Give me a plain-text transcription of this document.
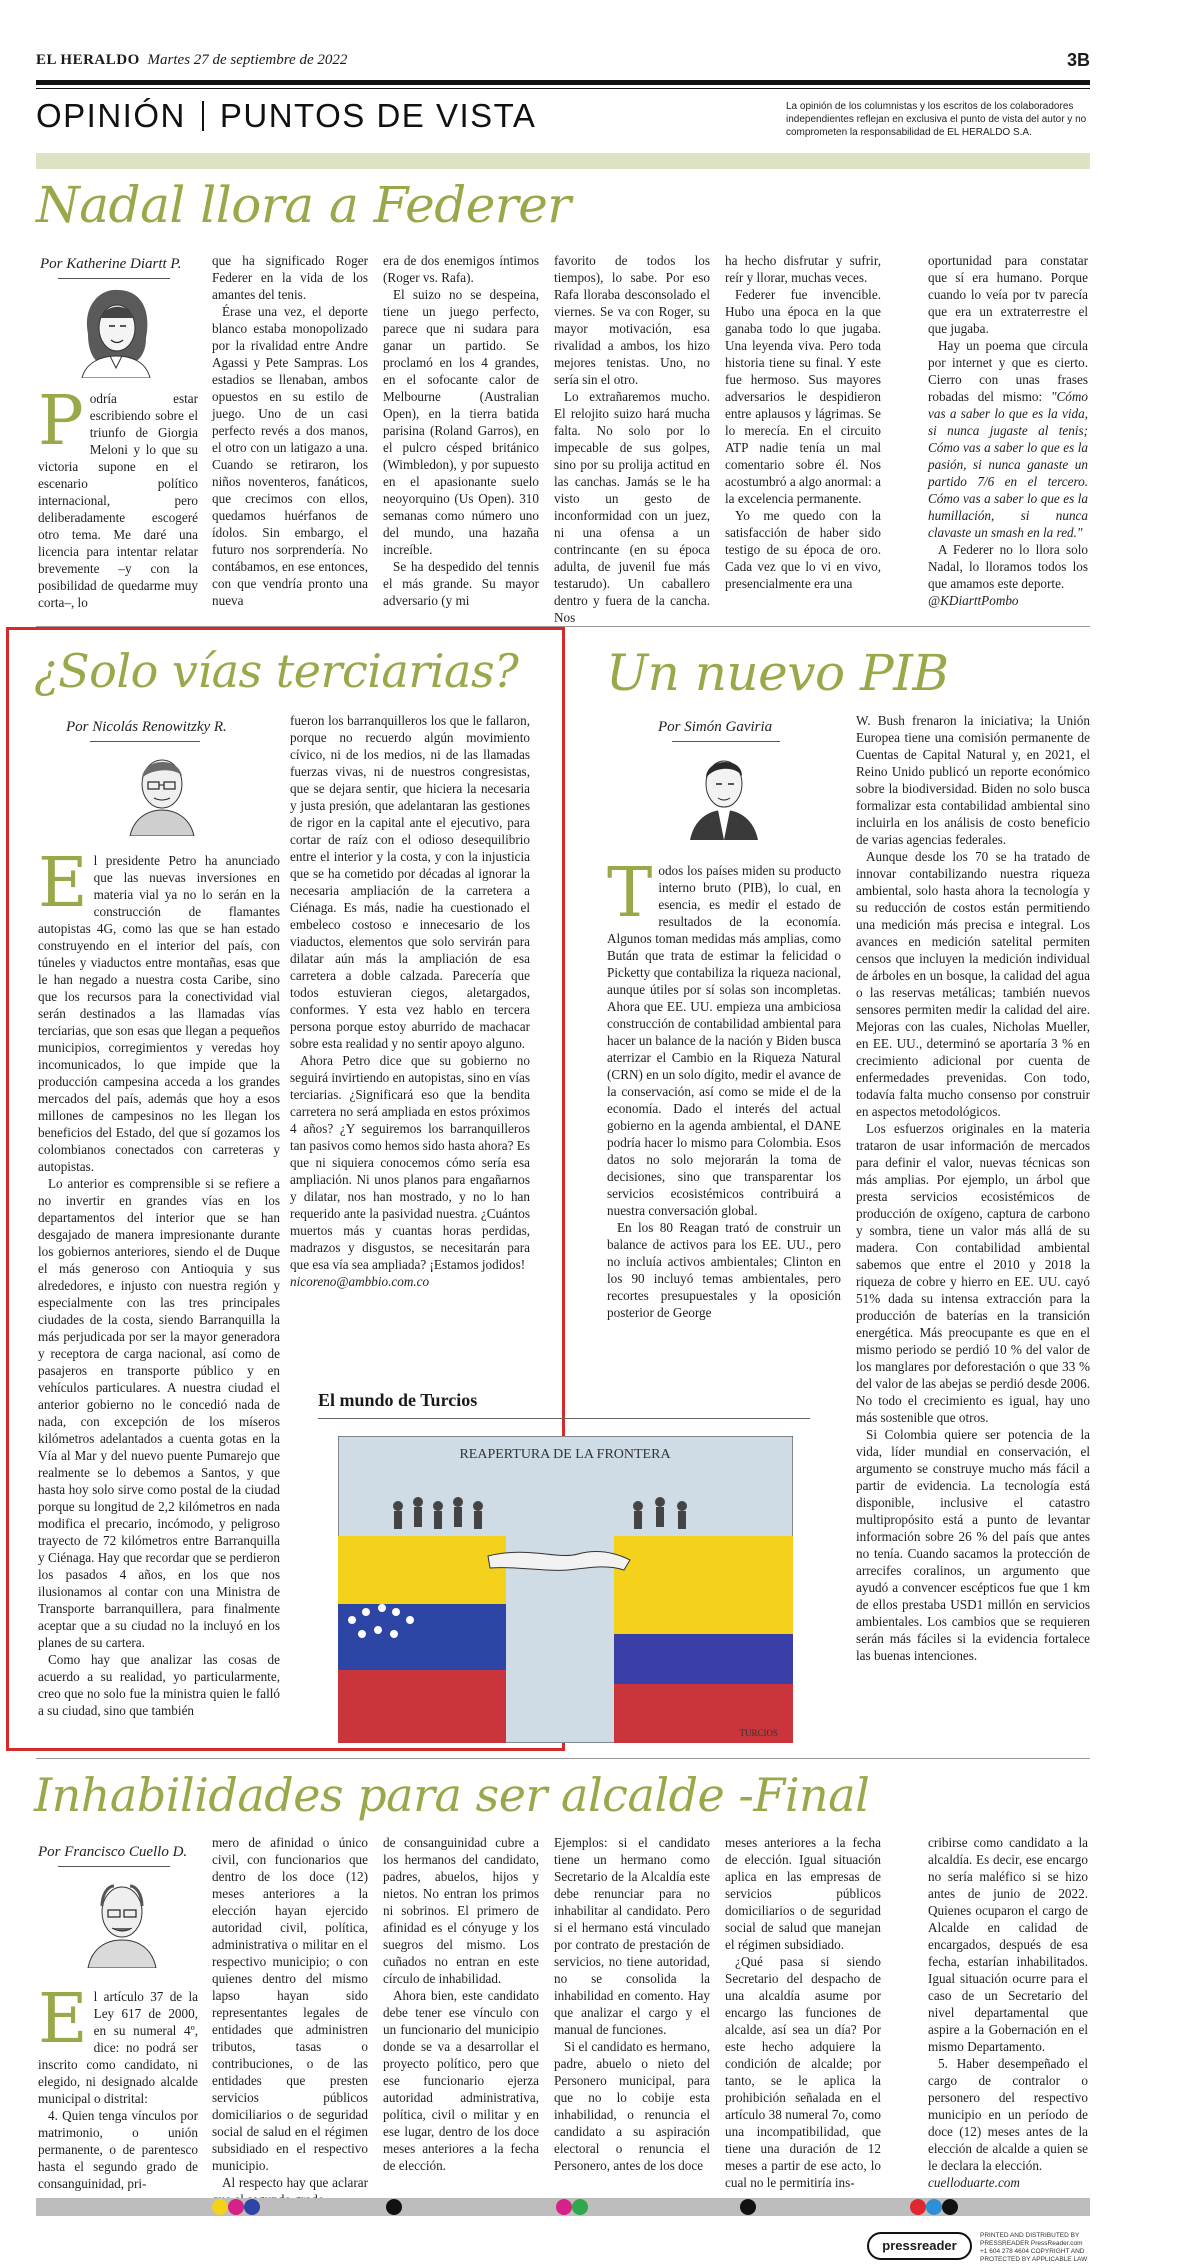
EL HERALDO Martes 27 de septiembre de 2022	3B
OPINIÓN PUNTOS DE VISTA	La opinión de los columnistas y los escritos de los colaboradores independientes reflejan en exclusiva el punto de vista del autor y no comprometen la responsabilidad de EL HERALDO S.A.
Nadal llora a Federer
Por Katherine Diartt P.

Podría estar escribiendo sobre el triunfo de Giorgia Meloni y lo que su victoria supone en el escenario político internacional, pero deliberadamente escogeré otro tema. Me daré una licencia para intentar relatar brevemente –y con la posibilidad de quedarme muy corta–, lo

que ha significado Roger Federer en la vida de los amantes del tenis.

Érase una vez, el deporte blanco estaba monopolizado por la rivalidad entre Andre Agassi y Pete Sampras. Los estadios se llenaban, ambos opuestos en su estilo de juego. Uno de un casi perfecto revés a dos manos, el otro con un latigazo a una. Cuando se retiraron, los niños noventeros, fanáticos, que crecimos con ellos, quedamos huérfanos de ídolos. Sin embargo, el futuro nos sorprendería. No contábamos, en ese entonces, con que vendría pronto una nueva

era de dos enemigos íntimos (Roger vs. Rafa).

El suizo no se despeina, tiene un juego perfecto, parece que ni sudara para ganar un partido. Se proclamó en los 4 grandes, en el sofocante calor de Melbourne (Australian Open), en la tierra batida parisina (Roland Garros), en el pulcro césped británico (Wimbledon), y por supuesto en el apasionante suelo neoyorquino (Us Open). 310 semanas como número uno del mundo, una hazaña increíble.

Se ha despedido del tennis el más grande. Su mayor adversario (y mi

favorito de todos los tiempos), lo sabe. Por eso Rafa lloraba desconsolado el viernes. Se va con Roger, su mayor motivación, esa rivalidad a ambos, los hizo mejores tenistas. Uno, no sería sin el otro.

Lo extrañaremos mucho. El relojito suizo hará mucha falta. No solo por lo impecable de sus golpes, sino por su prolija actitud en las canchas. Jamás se le ha visto un gesto de inconformidad con un juez, ni una ofensa a un contrincante (en su época adulta, de juvenil fue más testarudo). Un caballero dentro y fuera de la cancha. Nos

ha hecho disfrutar y sufrir, reír y llorar, muchas veces.

Federer fue invencible. Hubo una época en la que ganaba todo lo que jugaba. Una leyenda viva. Pero toda historia tiene su final. Y este fue hermoso. Sus mayores adversarios le despidieron entre aplausos y lágrimas. Se lo merecía. En el circuito ATP nadie tenía un mal comentario sobre él. Nos acostumbró a algo anormal: a la excelencia permanente.

Yo me quedo con la satisfacción de haber sido testigo de su época de oro. Cada vez que lo vi en vivo, presencialmente era una

oportunidad para constatar que sí era humano. Porque cuando lo veía por tv parecía que era un extraterrestre el que jugaba.

Hay un poema que circula por internet y que es cierto. Cierro con unas frases robadas del mismo: "Cómo vas a saber lo que es la vida, si nunca jugaste al tenis; Cómo vas a saber lo que es la pasión, si nunca ganaste un partido 7/6 en el tercero. Cómo vas a saber lo que es la humillación, si nunca clavaste un smash en la red."

A Federer no lo llora solo Nadal, lo lloramos todos los que amamos este deporte.

@KDiarttPombo

¿Solo vías terciarias?
Por Nicolás Renowitzky R.

El presidente Petro ha anunciado que las nuevas inversiones en materia vial ya no lo serán en la construcción de flamantes autopistas 4G, como las que se han estado construyendo en el interior del país, con túneles y viaductos entre montañas, esas que le han negado a nuestra costa Caribe, sino que los recursos para la conectividad vial serán destinados a las llamadas vías terciarias, que son esas que llegan a pequeños municipios, corregimientos y veredas hoy incomunicados, lo que impide que la producción campesina acceda a los grandes mercados del país, además que hoy a esos millones de campesinos no les llegan los beneficios del Estado, del que sí gozamos los colombianos conectados con carreteras y autopistas.

Lo anterior es comprensible si se refiere a no invertir en grandes vías en los departamentos del interior que se han desgajado de manera impresionante durante los gobiernos anteriores, siendo el de Duque el más generoso con Antioquia y sus alrededores, e injusto con nuestra región y especialmente con las tres principales ciudades de la costa, siendo Barranquilla la más perjudicada por ser la mayor generadora y receptora de carga nacional, así como de pasajeros en transporte público y en vehículos particulares. A nuestra ciudad el anterior gobierno no le concedió nada de nada, con excepción de los míseros kilómetros adelantados a cuenta gotas en la Vía al Mar y del nuevo puente Pumarejo que realmente se lo debemos a Santos, y que hasta hoy solo sirve como postal de la ciudad porque su longitud de 2,2 kilómetros en nada modifica el precario, incómodo, y peligroso trayecto de 72 kilómetros entre Barranquilla y Ciénaga. Hay que recordar que se perdieron los pasados 4 años, en los que nos ilusionamos al contar con una Ministra de Transporte barranquillera, para finalmente aceptar que a su ciudad no la incluyó en los planes de su cartera.

Como hay que analizar las cosas de acuerdo a su realidad, yo particularmente, creo que no solo fue la ministra quien le falló a su ciudad, sino que también

fueron los barranquilleros los que le fallaron, porque no recuerdo algún movimiento cívico, ni de los medios, ni de las llamadas fuerzas vivas, ni de nuestros congresistas, que se dejara sentir, que hiciera la necesaria y justa presión, que adelantaran las gestiones de rigor en la capital ante el ejecutivo, para cortar de raíz con el odioso desequilibrio entre el interior y la costa, y con la injusticia que se ha cometido por décadas al ignorar la necesaria ampliación de la carretera a Ciénaga. Es más, nadie ha cuestionado el embeleco costoso e innecesario de los viaductos, elementos que solo servirán para dilatar aún más la ampliación de esa carretera a doble calzada. Parecería que todos estuvieran ciegos, aletargados, conformes. Y esta vez hablo en tercera persona porque estoy aburrido de machacar sobre esta realidad y no sentir apoyo alguno.

Ahora Petro dice que su gobierno no seguirá invirtiendo en autopistas, sino en vías terciarias. ¿Significará eso que la bendita carretera no será ampliada en estos próximos 4 años? ¿Y seguiremos los barranquilleros tan pasivos como hemos sido hasta ahora? Es que ni siquiera conocemos cómo sería esa ampliación. Ni unos planos para engañarnos y dilatar, nos han mostrado, y no lo han requerido ante la pasividad nuestra. ¿Cuántos muertos más y cuantas horas perdidas, madrazos y disgustos, se necesitarán para que esa vía sea ampliada? ¡Estamos jodidos!

nicoreno@ambbio.com.co

El mundo de Turcios
REAPERTURA DE LA FRONTERA
TURCIOS
Un nuevo PIB
Por Simón Gaviria

Todos los países miden su producto interno bruto (PIB), lo cual, en esencia, es medir el estado de resultados de la economía. Algunos toman medidas más amplias, como Bután que trata de estimar la felicidad o Picketty que contabiliza la riqueza nacional, aunque útiles por sí solas son incompletas. Ahora que EE. UU. empieza una ambiciosa construcción de contabilidad ambiental para hacer un balance de la nación y Biden busca aterrizar el Cambio en la Riqueza Natural (CRN) en un solo dígito, medir el avance de la conservación, así como se mide el de la economía. Dado el interés del actual gobierno en la agenda ambiental, el DANE podría hacer lo mismo para Colombia. Esos datos no solo mejorarán la toma de decisiones, sino que transparentar los servicios ecosistémicos contribuirá a nuestra conversación global.

En los 80 Reagan trató de construir un balance de activos para los EE. UU., pero no incluía activos ambientales; Clinton en los 90 incluyó temas ambientales, pero recortes presupuestales y la oposición posterior de George

W. Bush frenaron la iniciativa; la Unión Europea tiene una comisión permanente de Cuentas de Capital Natural y, en 2021, el Reino Unido publicó un reporte económico sobre la biodiversidad. Biden no solo busca formalizar esta contabilidad ambiental sino incluirla en los análisis de costo beneficio de varias agencias federales.

Aunque desde los 70 se ha tratado de innovar contabilizando nuestra riqueza ambiental, solo hasta ahora la tecnología y su reducción de costos están permitiendo una medición más precisa e integral. Los avances en medición satelital permiten censos que incluyen la medición individual de árboles en un bosque, la calidad del agua o las reservas metálicas; también nuevos sensores permiten medir la calidad del aire. Mejoras con las cuales, Nicholas Mueller, en EE. UU., determinó se aportaría 3 % en crecimiento adicional por cuenta de enfermedades prevenidas. Con todo, todavía falta mucho consenso por construir en aspectos metodológicos.

Los esfuerzos originales en la materia trataron de usar información de mercados para definir el valor, nuevas técnicas son más amplias. Por ejemplo, un árbol que presta servicios ecosistémicos de producción de oxígeno, captura de carbono y sombra, tiene un valor más allá de su madera. Con contabilidad ambiental sabemos que entre el 2010 y 2018 la riqueza de cobre y hierro en EE. UU. cayó 51% dada su intensa extracción para la producción de baterías en la transición energética. Más preocupante es que en el mismo periodo se perdió 10 % del valor de los manglares por deforestación o que 33 % del valor de las abejas se perdió desde 2006. No todo el crecimiento es igual, hay uno más sostenible que otros.

Si Colombia quiere ser potencia de la vida, líder mundial en conservación, el argumento se construye mucho más fácil a partir de evidencia. La tecnología está disponible, inclusive el catastro multipropósito está a punto de levantar información sobre 26 % del país que antes no tenía. Cuando sacamos la protección de arrecifes coralinos, un argumento que ayudó a convencer escépticos fue que 1 km de ellos prestaba USD1 millón en servicios ambientales. Los cambios que se requieren serán más fáciles si la evidencia fortalece las buenas intenciones.

Inhabilidades para ser alcalde -Final
Por Francisco Cuello D.

El artículo 37 de la Ley 617 de 2000, en su numeral 4º, dice: no podrá ser inscrito como candidato, ni elegido, ni designado alcalde municipal o distrital:

4. Quien tenga vínculos por matrimonio, o unión permanente, o de parentesco hasta el segundo grado de consanguinidad, pri-

mero de afinidad o único civil, con funcionarios que dentro de los doce (12) meses anteriores a la elección hayan ejercido autoridad civil, política, administrativa o militar en el respectivo municipio; o con quienes dentro del mismo lapso hayan sido representantes legales de entidades que administren tributos, tasas o contribuciones, o de las entidades que presten servicios públicos domiciliarios o de seguridad social de salud en el régimen subsidiado en el respectivo municipio.

Al respecto hay que aclarar

de consanguinidad cubre a los hermanos del candidato, padres, abuelos, hijos y nietos. No entran los primos ni sobrinos. El primero de afinidad es el cónyuge y los suegros del mismo. Los cuñados no entran en este círculo de inhabilidad.

Ahora bien, este candidato debe tener ese vínculo con un funcionario del municipio donde se va a desarrollar el proyecto político, pero que ese funcionario ejerza autoridad administrativa, política, civil o militar y en ese lugar, dentro de los doce meses anteriores a la fecha de elección.

Ejemplos: si el candidato tiene un hermano como Secretario de la Alcaldía este debe renunciar para no inhabilitar al candidato. Pero si el hermano está vinculado por contrato de prestación de servicios, no tiene autoridad, no se consolida la inhabilidad en comento. Hay que analizar el cargo y el manual de funciones.

Si el candidato es hermano, padre, abuelo o nieto del Personero municipal, para que no lo cobije esta inhabilidad, o renuncia el candidato a su aspiración electoral o renuncia el Personero, antes de los doce

meses anteriores a la fecha de elección. Igual situación aplica en las empresas de servicios públicos domiciliarios o de seguridad social de salud que manejan el régimen subsidiado.

¿Qué pasa si siendo Secretario del despacho de una alcaldía asume por encargo las funciones de alcalde, así sea un día? Por este hecho adquiere la condición de alcalde; por tanto, se le aplica la prohibición señalada en el artículo 38 numeral 7o, como una incompatibilidad, que tiene una duración de 12 meses a partir de ese acto, lo cual no le permitiría ins-

cribirse como candidato a la alcaldía. Es decir, ese encargo no sería maléfico si se hizo antes de junio de 2022. Quienes ocuparon el cargo de Alcalde en calidad de encargados, después de esa fecha, estarían inhabilitados. Igual situación ocurre para el caso de un Secretario del nivel departamental que aspire a la Gobernación en el mismo Departamento.

5. Haber desempeñado el cargo de contralor o personero del respectivo municipio en un período de doce (12) meses antes de la elección de alcalde a quien se le declara la elección.

cuelloduarte.com

pressreader
PRINTED AND DISTRIBUTED BY PRESSREADER PressReader.com +1 604 278 4604 COPYRIGHT AND PROTECTED BY APPLICABLE LAW
